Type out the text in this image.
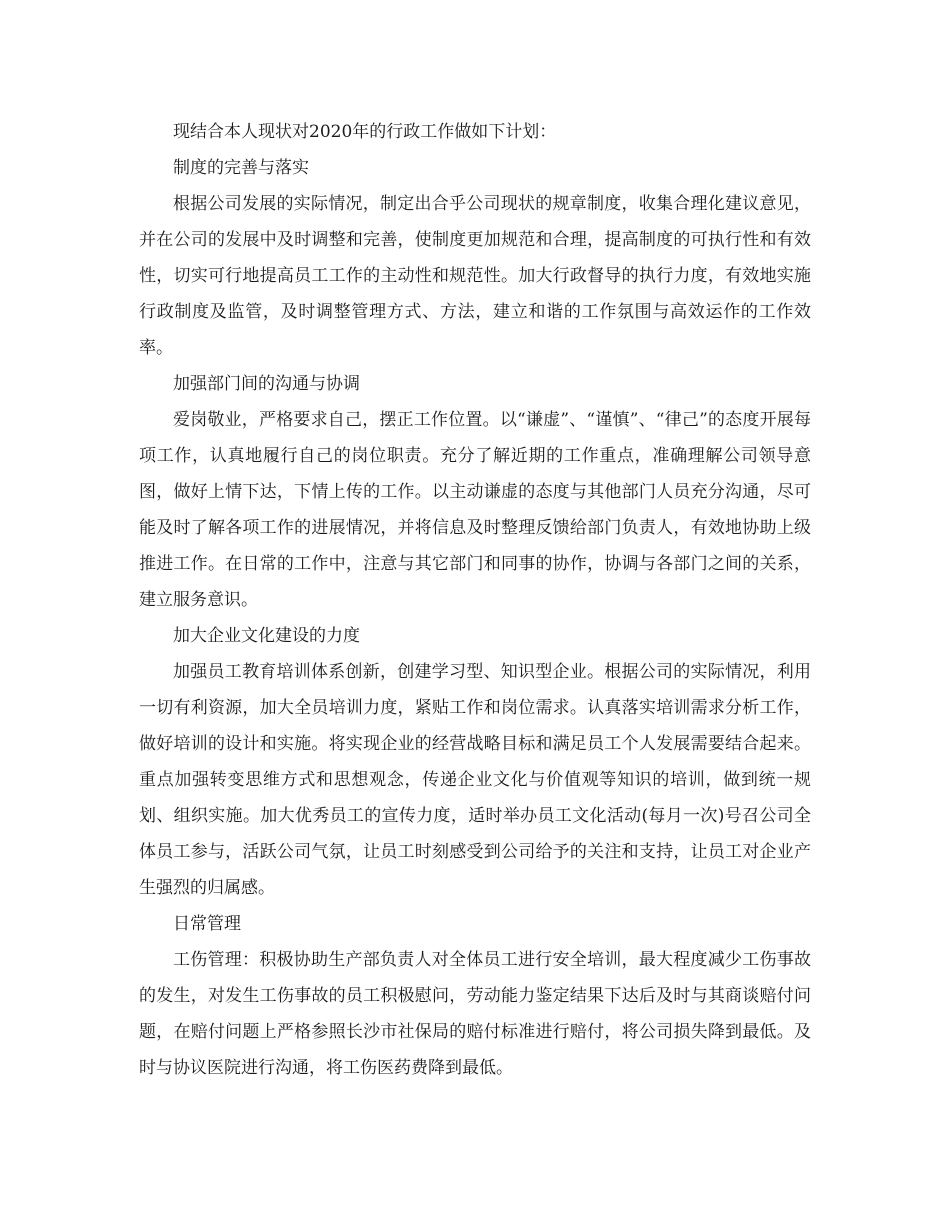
现结合本人现状对2020年的行政工作做如下计划：

制度的完善与落实

根据公司发展的实际情况，制定出合乎公司现状的规章制度，收集合理化建议意见，并在公司的发展中及时调整和完善，使制度更加规范和合理，提高制度的可执行性和有效性，切实可行地提高员工工作的主动性和规范性。加大行政督导的执行力度，有效地实施行政制度及监管，及时调整管理方式、方法，建立和谐的工作氛围与高效运作的工作效率。

加强部门间的沟通与协调

爱岗敬业，严格要求自己，摆正工作位置。以“谦虚”、“谨慎”、“律己”的态度开展每项工作，认真地履行自己的岗位职责。充分了解近期的工作重点，准确理解公司领导意图，做好上情下达，下情上传的工作。以主动谦虚的态度与其他部门人员充分沟通，尽可能及时了解各项工作的进展情况，并将信息及时整理反馈给部门负责人，有效地协助上级推进工作。在日常的工作中，注意与其它部门和同事的协作，协调与各部门之间的关系，建立服务意识。

加大企业文化建设的力度

加强员工教育培训体系创新，创建学习型、知识型企业。根据公司的实际情况，利用一切有利资源，加大全员培训力度，紧贴工作和岗位需求。认真落实培训需求分析工作，做好培训的设计和实施。将实现企业的经营战略目标和满足员工个人发展需要结合起来。重点加强转变思维方式和思想观念，传递企业文化与价值观等知识的培训，做到统一规划、组织实施。加大优秀员工的宣传力度，适时举办员工文化活动(每月一次)号召公司全体员工参与，活跃公司气氛，让员工时刻感受到公司给予的关注和支持，让员工对企业产生强烈的归属感。

日常管理

工伤管理：积极协助生产部负责人对全体员工进行安全培训，最大程度减少工伤事故的发生，对发生工伤事故的员工积极慰问，劳动能力鉴定结果下达后及时与其商谈赔付问题，在赔付问题上严格参照长沙市社保局的赔付标准进行赔付，将公司损失降到最低。及时与协议医院进行沟通，将工伤医药费降到最低。
